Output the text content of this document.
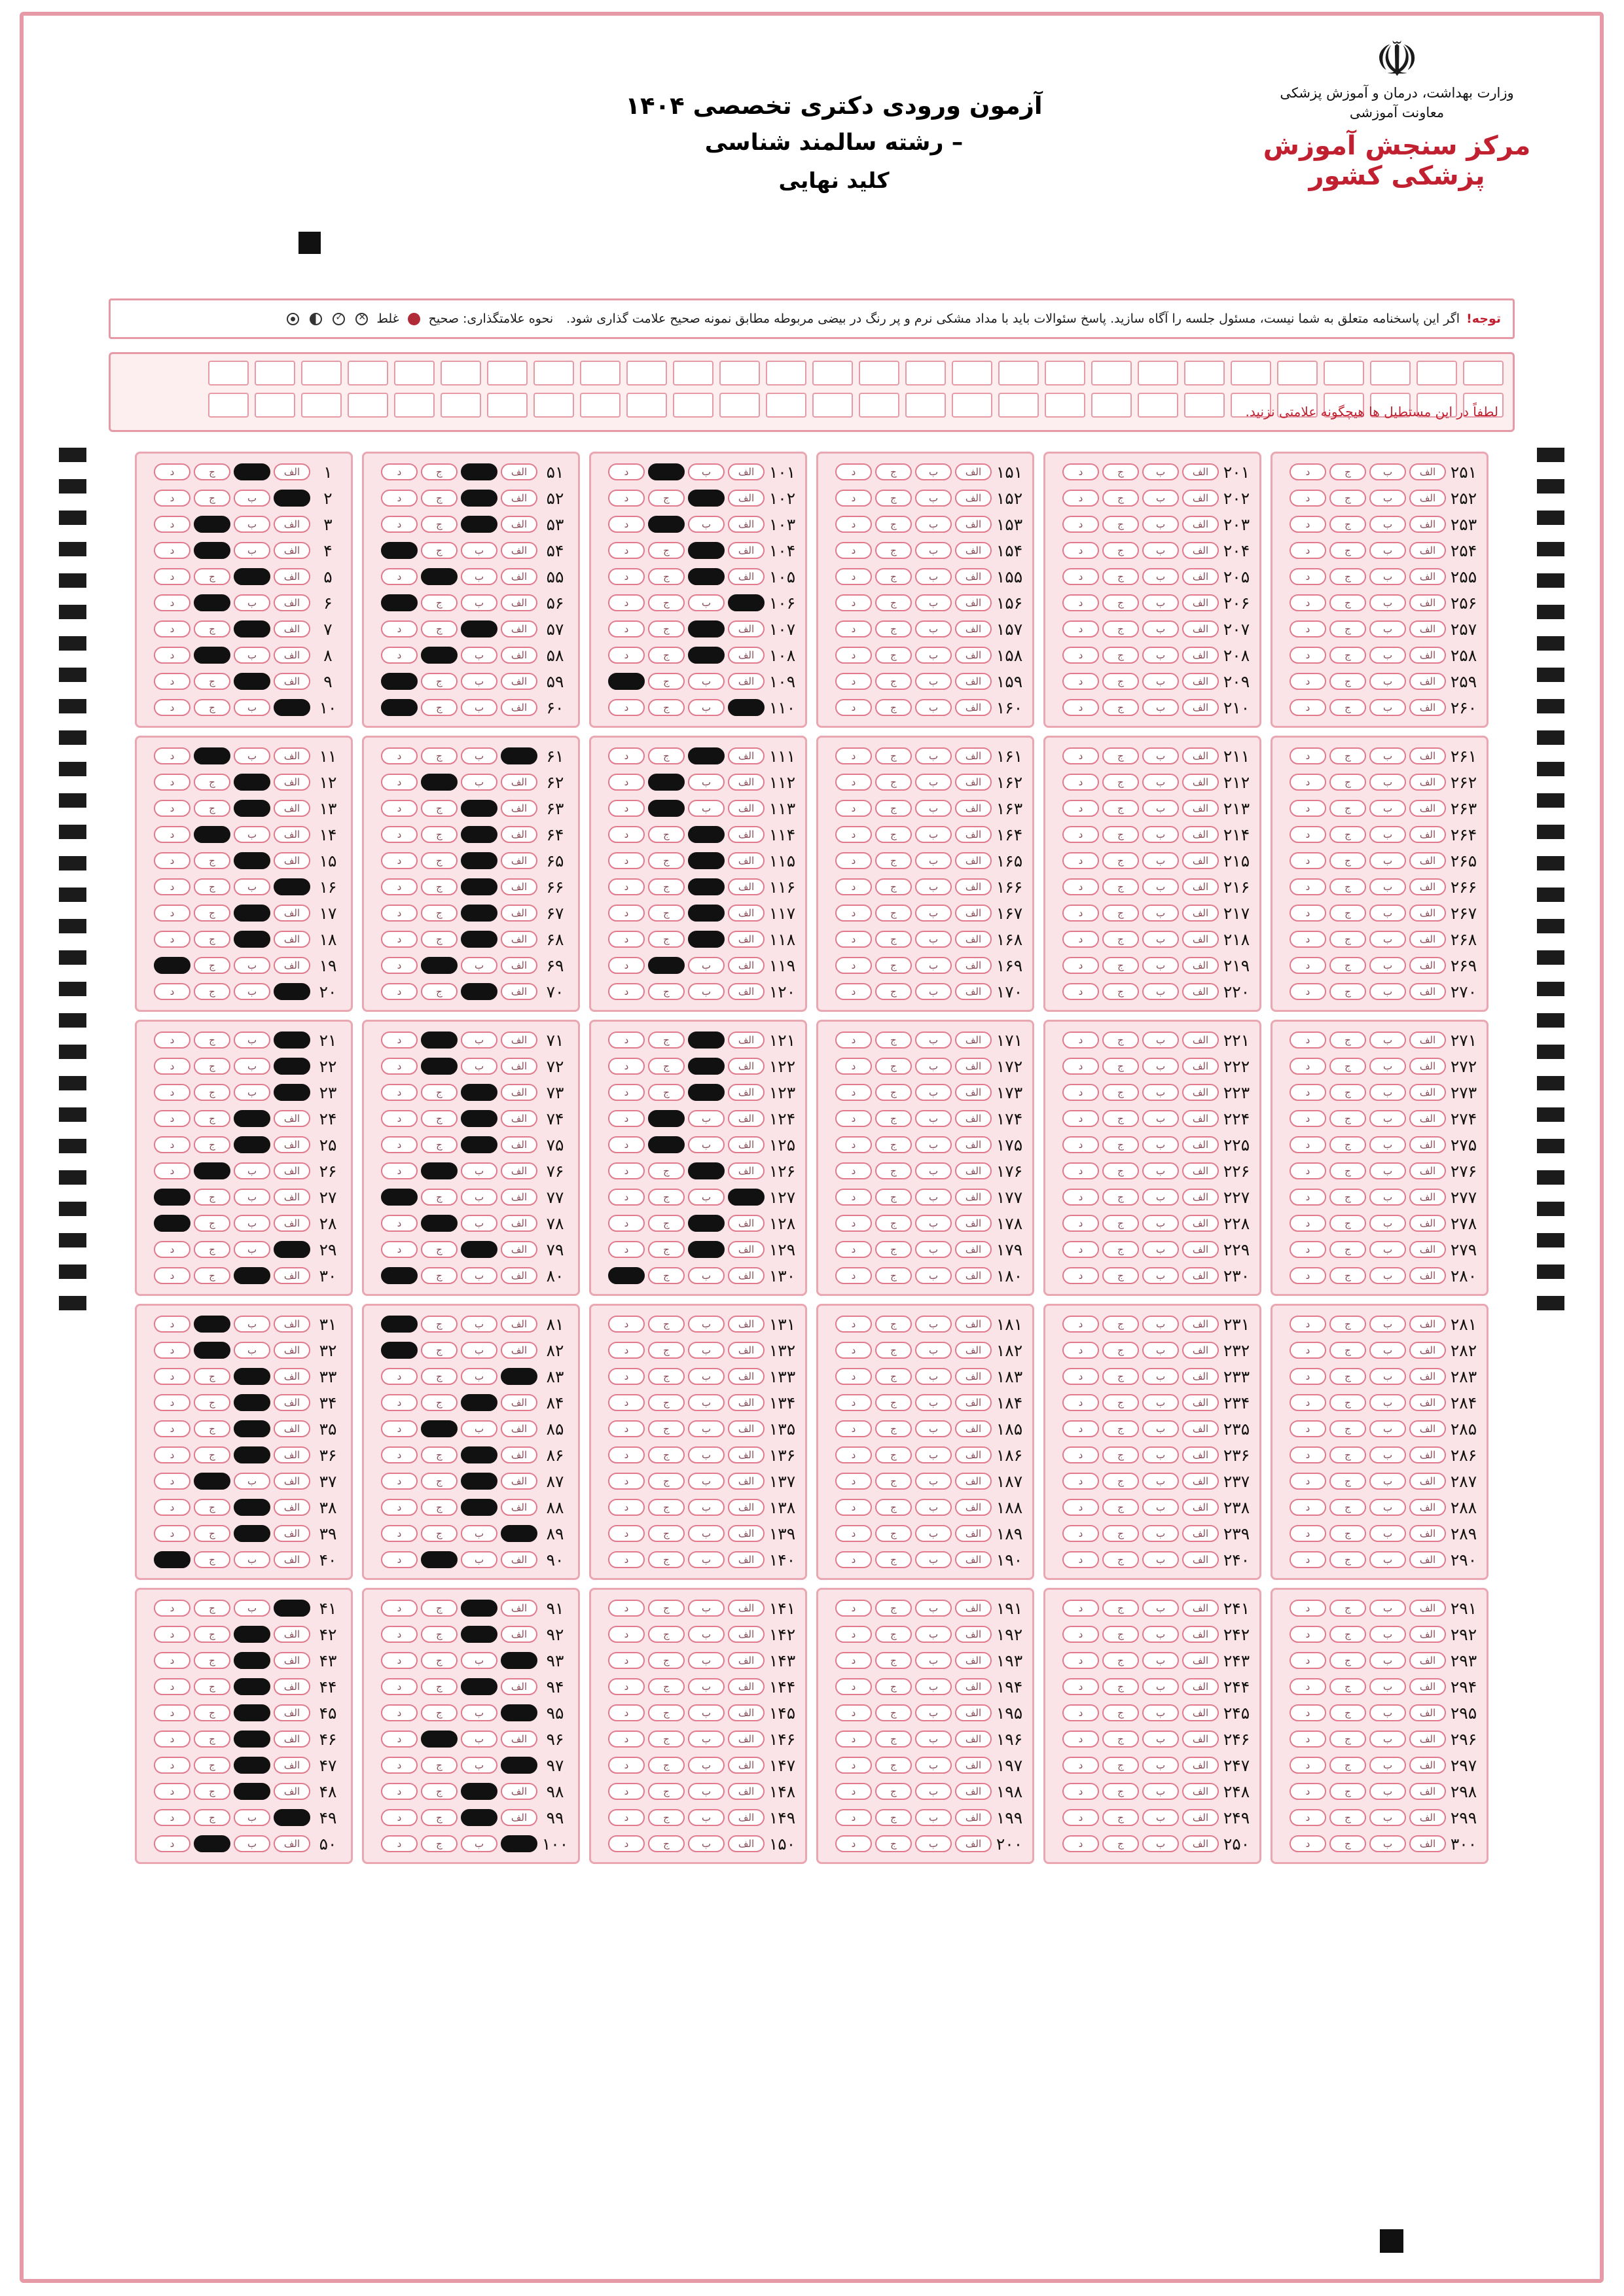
☫
وزارت بهداشت، درمان و آموزش پزشکی
معاونت آموزشی
مرکز سنجش آموزش پزشکی کشور
آزمون ورودی دکتری تخصصی ۱۴۰۴
– رشته سالمند شناسی
کلید نهایی
توجه!
اگر این پاسخنامه متعلق به شما نیست، مسئول جلسه را آگاه سازید. پاسخ سئوالات باید با مداد مشکی نرم و پر رنگ در بیضی مربوطه مطابق نمونه صحیح علامت گذاری شود.
نحوه علامتگذاری: صحیح
غلط
✕
✓
لطفاً در این مستطیل ها هیچگونه علامتی نزنید.
۱
الف
ج
د
۲
ب
ج
د
۳
الف
ب
د
۴
الف
ب
د
۵
الف
ج
د
۶
الف
ب
د
۷
الف
ج
د
۸
الف
ب
د
۹
الف
ج
د
۱۰
ب
ج
د
۱۱
الف
ب
د
۱۲
الف
ج
د
۱۳
الف
ج
د
۱۴
الف
ب
د
۱۵
الف
ج
د
۱۶
ب
ج
د
۱۷
الف
ج
د
۱۸
الف
ج
د
۱۹
الف
ب
ج
۲۰
ب
ج
د
۲۱
ب
ج
د
۲۲
ب
ج
د
۲۳
ب
ج
د
۲۴
الف
ج
د
۲۵
الف
ج
د
۲۶
الف
ب
د
۲۷
الف
ب
ج
۲۸
الف
ب
ج
۲۹
ب
ج
د
۳۰
الف
ج
د
۳۱
الف
ب
د
۳۲
الف
ب
د
۳۳
الف
ج
د
۳۴
الف
ج
د
۳۵
الف
ج
د
۳۶
الف
ج
د
۳۷
الف
ب
د
۳۸
الف
ج
د
۳۹
الف
ج
د
۴۰
الف
ب
ج
۴۱
ب
ج
د
۴۲
الف
ج
د
۴۳
الف
ج
د
۴۴
الف
ج
د
۴۵
الف
ج
د
۴۶
الف
ج
د
۴۷
الف
ج
د
۴۸
الف
ج
د
۴۹
ب
ج
د
۵۰
الف
ب
د
۵۱
الف
ج
د
۵۲
الف
ج
د
۵۳
الف
ج
د
۵۴
الف
ب
ج
۵۵
الف
ب
د
۵۶
الف
ب
ج
۵۷
الف
ج
د
۵۸
الف
ب
د
۵۹
الف
ب
ج
۶۰
الف
ب
ج
۶۱
ب
ج
د
۶۲
الف
ب
د
۶۳
الف
ج
د
۶۴
الف
ج
د
۶۵
الف
ج
د
۶۶
الف
ج
د
۶۷
الف
ج
د
۶۸
الف
ج
د
۶۹
الف
ب
د
۷۰
الف
ج
د
۷۱
الف
ب
د
۷۲
الف
ب
د
۷۳
الف
ج
د
۷۴
الف
ج
د
۷۵
الف
ج
د
۷۶
الف
ب
د
۷۷
الف
ب
ج
۷۸
الف
ب
د
۷۹
الف
ج
د
۸۰
الف
ب
ج
۸۱
الف
ب
ج
۸۲
الف
ب
ج
۸۳
ب
ج
د
۸۴
الف
ج
د
۸۵
الف
ب
د
۸۶
الف
ج
د
۸۷
الف
ج
د
۸۸
الف
ج
د
۸۹
ب
ج
د
۹۰
الف
ب
د
۹۱
الف
ج
د
۹۲
الف
ج
د
۹۳
ب
ج
د
۹۴
الف
ج
د
۹۵
ب
ج
د
۹۶
الف
ب
د
۹۷
ب
ج
د
۹۸
الف
ج
د
۹۹
الف
ج
د
۱۰۰
ب
ج
د
۱۰۱
الف
ب
د
۱۰۲
الف
ج
د
۱۰۳
الف
ب
د
۱۰۴
الف
ج
د
۱۰۵
الف
ج
د
۱۰۶
ب
ج
د
۱۰۷
الف
ج
د
۱۰۸
الف
ج
د
۱۰۹
الف
ب
ج
۱۱۰
ب
ج
د
۱۱۱
الف
ج
د
۱۱۲
الف
ب
د
۱۱۳
الف
ب
د
۱۱۴
الف
ج
د
۱۱۵
الف
ج
د
۱۱۶
الف
ج
د
۱۱۷
الف
ج
د
۱۱۸
الف
ج
د
۱۱۹
الف
ب
د
۱۲۰
الف
ب
ج
د
۱۲۱
الف
ج
د
۱۲۲
الف
ج
د
۱۲۳
الف
ج
د
۱۲۴
الف
ب
د
۱۲۵
الف
ب
د
۱۲۶
الف
ج
د
۱۲۷
ب
ج
د
۱۲۸
الف
ج
د
۱۲۹
الف
ج
د
۱۳۰
الف
ب
ج
۱۳۱
الف
ب
ج
د
۱۳۲
الف
ب
ج
د
۱۳۳
الف
ب
ج
د
۱۳۴
الف
ب
ج
د
۱۳۵
الف
ب
ج
د
۱۳۶
الف
ب
ج
د
۱۳۷
الف
ب
ج
د
۱۳۸
الف
ب
ج
د
۱۳۹
الف
ب
ج
د
۱۴۰
الف
ب
ج
د
۱۴۱
الف
ب
ج
د
۱۴۲
الف
ب
ج
د
۱۴۳
الف
ب
ج
د
۱۴۴
الف
ب
ج
د
۱۴۵
الف
ب
ج
د
۱۴۶
الف
ب
ج
د
۱۴۷
الف
ب
ج
د
۱۴۸
الف
ب
ج
د
۱۴۹
الف
ب
ج
د
۱۵۰
الف
ب
ج
د
۱۵۱
الف
ب
ج
د
۱۵۲
الف
ب
ج
د
۱۵۳
الف
ب
ج
د
۱۵۴
الف
ب
ج
د
۱۵۵
الف
ب
ج
د
۱۵۶
الف
ب
ج
د
۱۵۷
الف
ب
ج
د
۱۵۸
الف
ب
ج
د
۱۵۹
الف
ب
ج
د
۱۶۰
الف
ب
ج
د
۱۶۱
الف
ب
ج
د
۱۶۲
الف
ب
ج
د
۱۶۳
الف
ب
ج
د
۱۶۴
الف
ب
ج
د
۱۶۵
الف
ب
ج
د
۱۶۶
الف
ب
ج
د
۱۶۷
الف
ب
ج
د
۱۶۸
الف
ب
ج
د
۱۶۹
الف
ب
ج
د
۱۷۰
الف
ب
ج
د
۱۷۱
الف
ب
ج
د
۱۷۲
الف
ب
ج
د
۱۷۳
الف
ب
ج
د
۱۷۴
الف
ب
ج
د
۱۷۵
الف
ب
ج
د
۱۷۶
الف
ب
ج
د
۱۷۷
الف
ب
ج
د
۱۷۸
الف
ب
ج
د
۱۷۹
الف
ب
ج
د
۱۸۰
الف
ب
ج
د
۱۸۱
الف
ب
ج
د
۱۸۲
الف
ب
ج
د
۱۸۳
الف
ب
ج
د
۱۸۴
الف
ب
ج
د
۱۸۵
الف
ب
ج
د
۱۸۶
الف
ب
ج
د
۱۸۷
الف
ب
ج
د
۱۸۸
الف
ب
ج
د
۱۸۹
الف
ب
ج
د
۱۹۰
الف
ب
ج
د
۱۹۱
الف
ب
ج
د
۱۹۲
الف
ب
ج
د
۱۹۳
الف
ب
ج
د
۱۹۴
الف
ب
ج
د
۱۹۵
الف
ب
ج
د
۱۹۶
الف
ب
ج
د
۱۹۷
الف
ب
ج
د
۱۹۸
الف
ب
ج
د
۱۹۹
الف
ب
ج
د
۲۰۰
الف
ب
ج
د
۲۰۱
الف
ب
ج
د
۲۰۲
الف
ب
ج
د
۲۰۳
الف
ب
ج
د
۲۰۴
الف
ب
ج
د
۲۰۵
الف
ب
ج
د
۲۰۶
الف
ب
ج
د
۲۰۷
الف
ب
ج
د
۲۰۸
الف
ب
ج
د
۲۰۹
الف
ب
ج
د
۲۱۰
الف
ب
ج
د
۲۱۱
الف
ب
ج
د
۲۱۲
الف
ب
ج
د
۲۱۳
الف
ب
ج
د
۲۱۴
الف
ب
ج
د
۲۱۵
الف
ب
ج
د
۲۱۶
الف
ب
ج
د
۲۱۷
الف
ب
ج
د
۲۱۸
الف
ب
ج
د
۲۱۹
الف
ب
ج
د
۲۲۰
الف
ب
ج
د
۲۲۱
الف
ب
ج
د
۲۲۲
الف
ب
ج
د
۲۲۳
الف
ب
ج
د
۲۲۴
الف
ب
ج
د
۲۲۵
الف
ب
ج
د
۲۲۶
الف
ب
ج
د
۲۲۷
الف
ب
ج
د
۲۲۸
الف
ب
ج
د
۲۲۹
الف
ب
ج
د
۲۳۰
الف
ب
ج
د
۲۳۱
الف
ب
ج
د
۲۳۲
الف
ب
ج
د
۲۳۳
الف
ب
ج
د
۲۳۴
الف
ب
ج
د
۲۳۵
الف
ب
ج
د
۲۳۶
الف
ب
ج
د
۲۳۷
الف
ب
ج
د
۲۳۸
الف
ب
ج
د
۲۳۹
الف
ب
ج
د
۲۴۰
الف
ب
ج
د
۲۴۱
الف
ب
ج
د
۲۴۲
الف
ب
ج
د
۲۴۳
الف
ب
ج
د
۲۴۴
الف
ب
ج
د
۲۴۵
الف
ب
ج
د
۲۴۶
الف
ب
ج
د
۲۴۷
الف
ب
ج
د
۲۴۸
الف
ب
ج
د
۲۴۹
الف
ب
ج
د
۲۵۰
الف
ب
ج
د
۲۵۱
الف
ب
ج
د
۲۵۲
الف
ب
ج
د
۲۵۳
الف
ب
ج
د
۲۵۴
الف
ب
ج
د
۲۵۵
الف
ب
ج
د
۲۵۶
الف
ب
ج
د
۲۵۷
الف
ب
ج
د
۲۵۸
الف
ب
ج
د
۲۵۹
الف
ب
ج
د
۲۶۰
الف
ب
ج
د
۲۶۱
الف
ب
ج
د
۲۶۲
الف
ب
ج
د
۲۶۳
الف
ب
ج
د
۲۶۴
الف
ب
ج
د
۲۶۵
الف
ب
ج
د
۲۶۶
الف
ب
ج
د
۲۶۷
الف
ب
ج
د
۲۶۸
الف
ب
ج
د
۲۶۹
الف
ب
ج
د
۲۷۰
الف
ب
ج
د
۲۷۱
الف
ب
ج
د
۲۷۲
الف
ب
ج
د
۲۷۳
الف
ب
ج
د
۲۷۴
الف
ب
ج
د
۲۷۵
الف
ب
ج
د
۲۷۶
الف
ب
ج
د
۲۷۷
الف
ب
ج
د
۲۷۸
الف
ب
ج
د
۲۷۹
الف
ب
ج
د
۲۸۰
الف
ب
ج
د
۲۸۱
الف
ب
ج
د
۲۸۲
الف
ب
ج
د
۲۸۳
الف
ب
ج
د
۲۸۴
الف
ب
ج
د
۲۸۵
الف
ب
ج
د
۲۸۶
الف
ب
ج
د
۲۸۷
الف
ب
ج
د
۲۸۸
الف
ب
ج
د
۲۸۹
الف
ب
ج
د
۲۹۰
الف
ب
ج
د
۲۹۱
الف
ب
ج
د
۲۹۲
الف
ب
ج
د
۲۹۳
الف
ب
ج
د
۲۹۴
الف
ب
ج
د
۲۹۵
الف
ب
ج
د
۲۹۶
الف
ب
ج
د
۲۹۷
الف
ب
ج
د
۲۹۸
الف
ب
ج
د
۲۹۹
الف
ب
ج
د
۳۰۰
الف
ب
ج
د
